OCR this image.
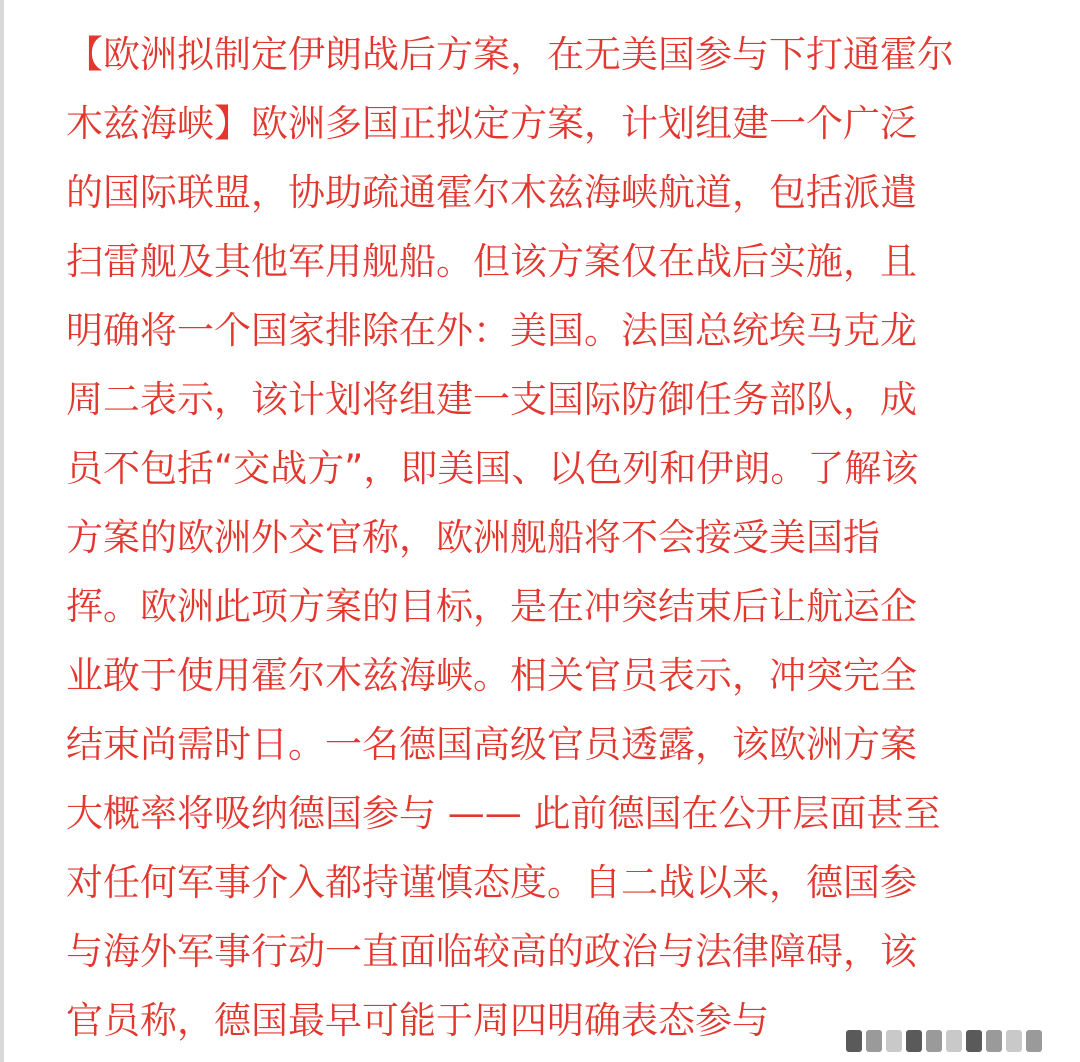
【欧洲拟制定伊朗战后方案，在无美国参与下打通霍尔
木兹海峡】欧洲多国正拟定方案，计划组建一个广泛
的国际联盟，协助疏通霍尔木兹海峡航道，包括派遣
扫雷舰及其他军用舰船。但该方案仅在战后实施，且
明确将一个国家排除在外：美国。法国总统埃马克龙
周二表示，该计划将组建一支国际防御任务部队，成
员不包括“交战方”，即美国、以色列和伊朗。了解该
方案的欧洲外交官称，欧洲舰船将不会接受美国指
挥。欧洲此项方案的目标，是在冲突结束后让航运企
业敢于使用霍尔木兹海峡。相关官员表示，冲突完全
结束尚需时日。一名德国高级官员透露，该欧洲方案
大概率将吸纳德国参与 —— 此前德国在公开层面甚至
对任何军事介入都持谨慎态度。自二战以来，德国参
与海外军事行动一直面临较高的政治与法律障碍，该
官员称，德国最早可能于周四明确表态参与
